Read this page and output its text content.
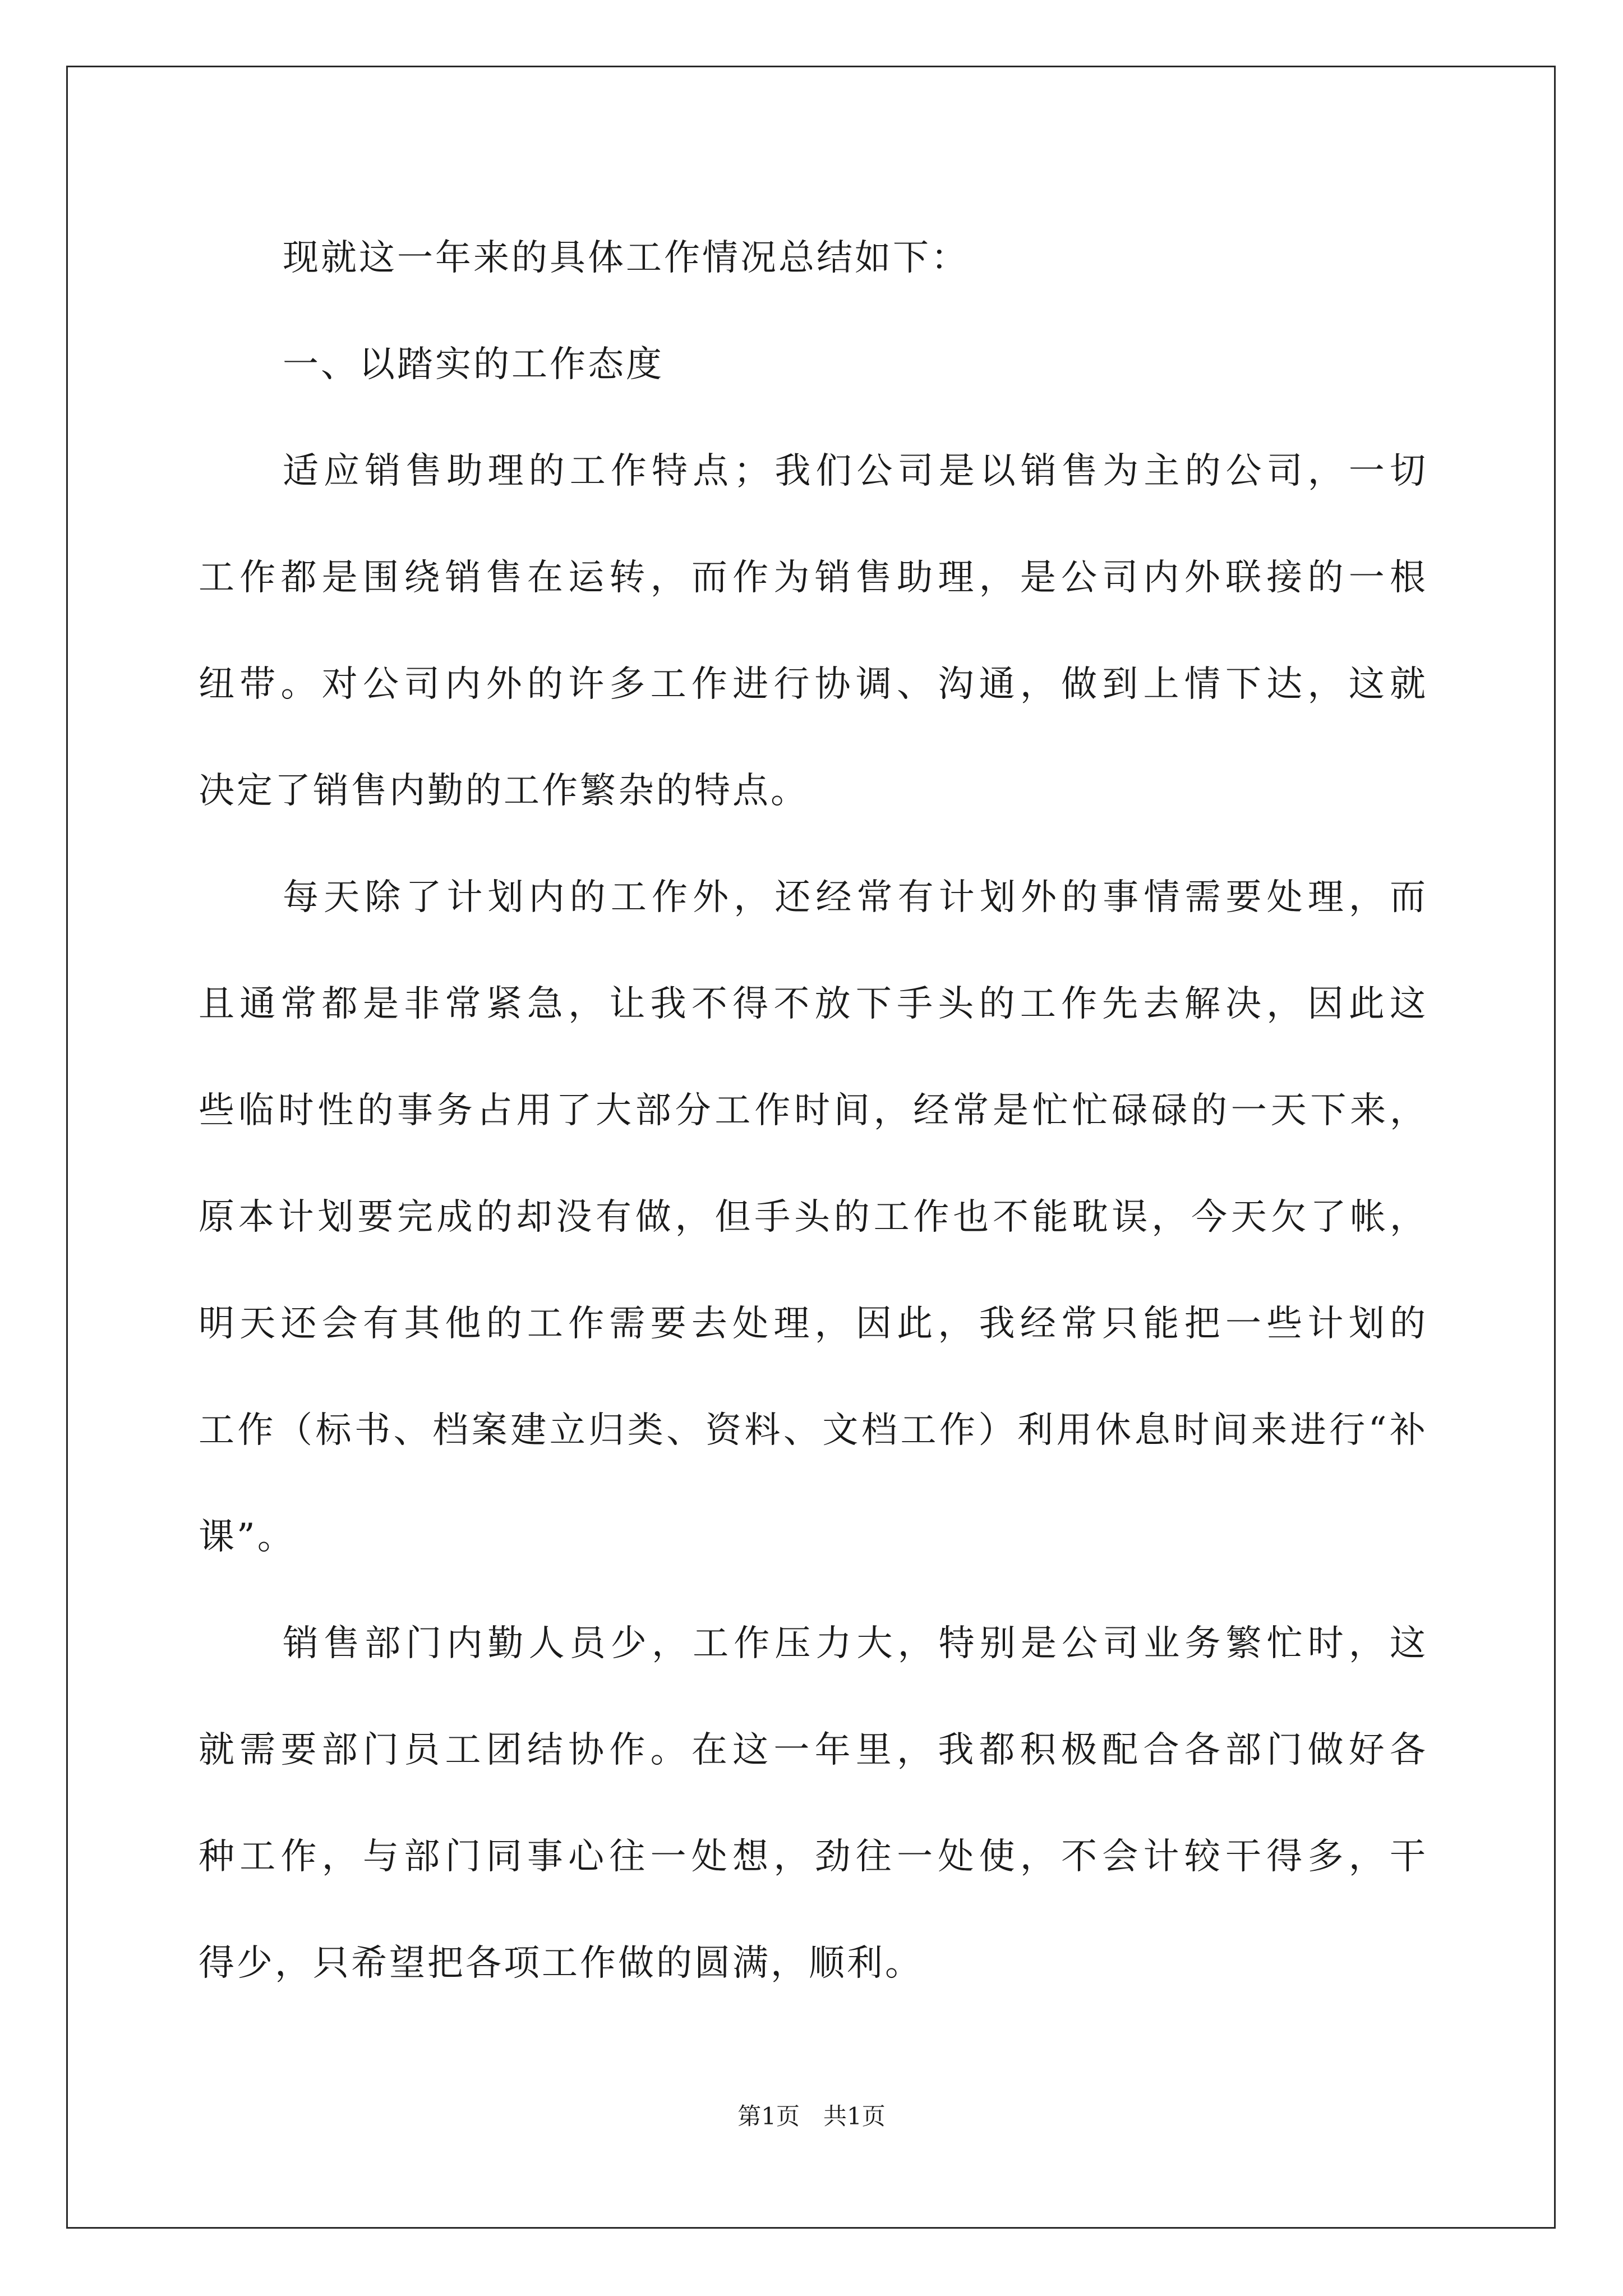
现就这一年来的具体工作情况总结如下：
一、以踏实的工作态度
适应销售助理的工作特点；我们公司是以销售为主的公司，一切
工作都是围绕销售在运转，而作为销售助理，是公司内外联接的一根
纽带。对公司内外的许多工作进行协调、沟通，做到上情下达，这就
决定了销售内勤的工作繁杂的特点。
每天除了计划内的工作外，还经常有计划外的事情需要处理，而
且通常都是非常紧急，让我不得不放下手头的工作先去解决，因此这
些临时性的事务占用了大部分工作时间，经常是忙忙碌碌的一天下来，
原本计划要完成的却没有做，但手头的工作也不能耽误，今天欠了帐，
明天还会有其他的工作需要去处理，因此，我经常只能把一些计划的
工作（标书、档案建立归类、资料、文档工作）利用休息时间来进行“补
课”。
销售部门内勤人员少，工作压力大，特别是公司业务繁忙时，这
就需要部门员工团结协作。在这一年里，我都积极配合各部门做好各
种工作，与部门同事心往一处想，劲往一处使，不会计较干得多，干
得少，只希望把各项工作做的圆满，顺利。
第1页　共1页
